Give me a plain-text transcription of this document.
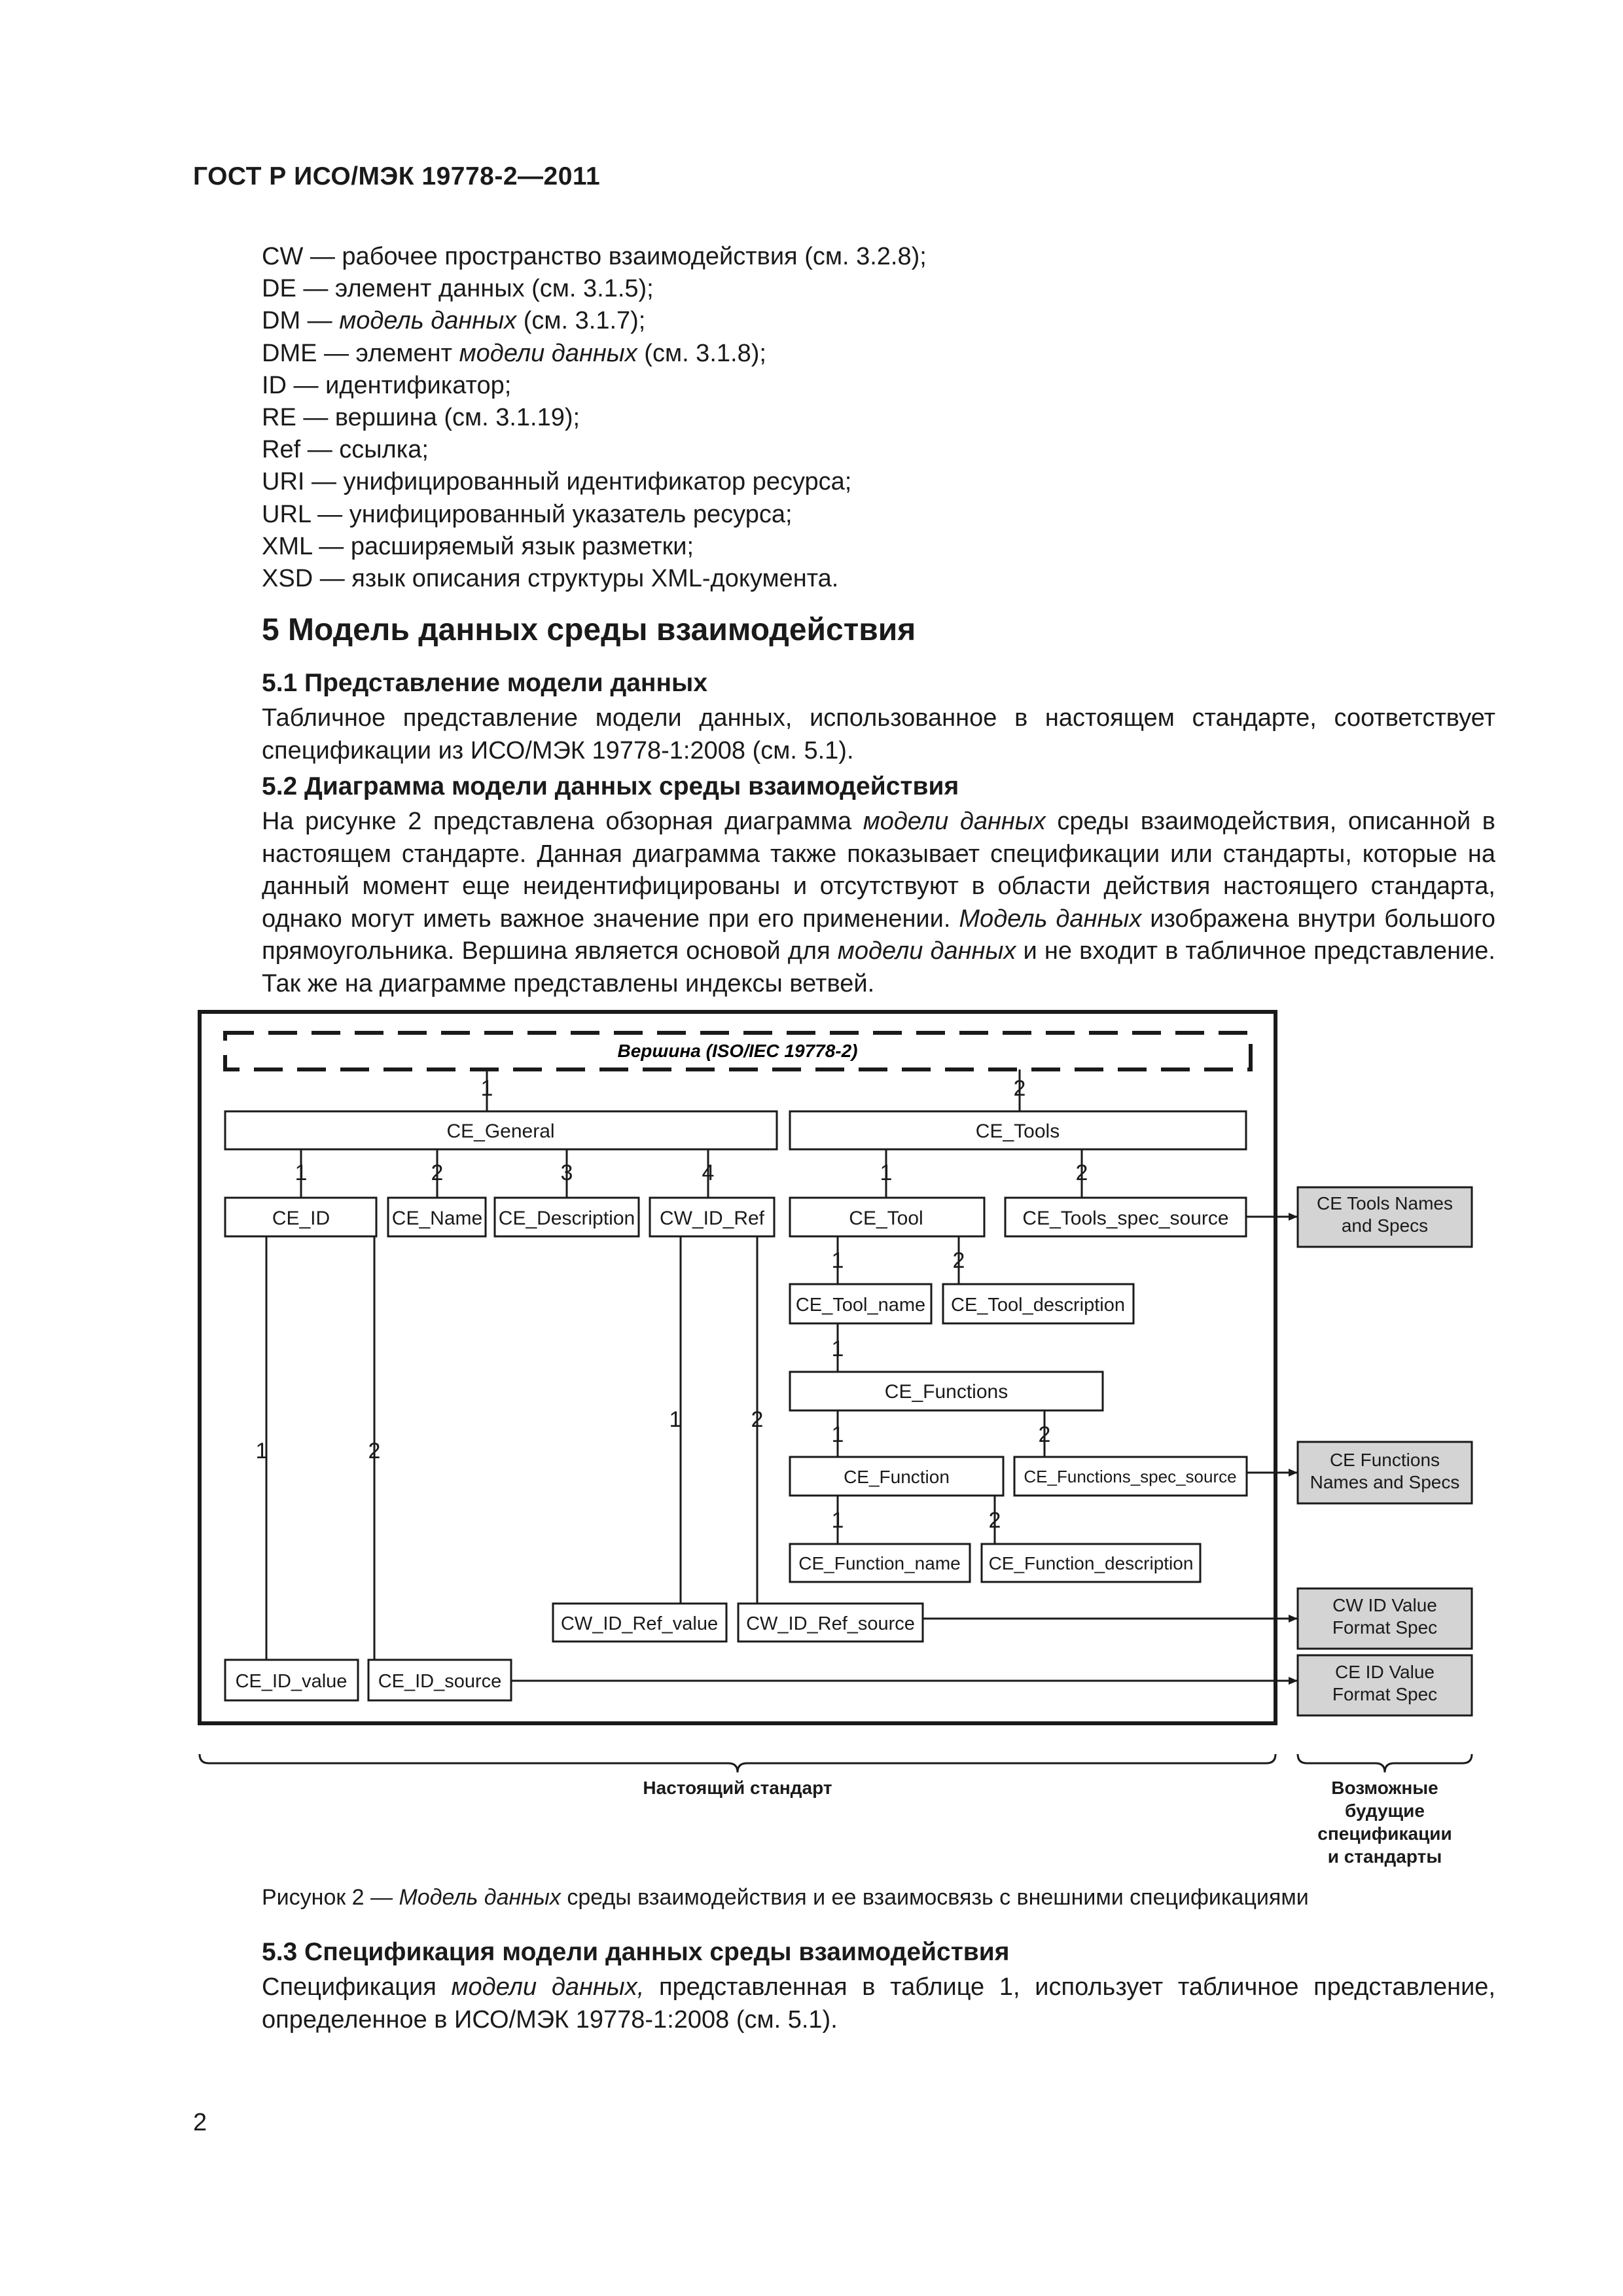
ГОСТ Р ИСО/МЭК 19778-2—2011
CW — рабочее пространство взаимодействия (см. 3.2.8);
DE — элемент данных (см. 3.1.5);
DM — модель данных (см. 3.1.7);
DME — элемент модели данных (см. 3.1.8);
ID — идентификатор;
RE — вершина (см. 3.1.19);
Ref — ссылка;
URI — унифицированный идентификатор ресурса;
URL — унифицированный указатель ресурса;
XML — расширяемый язык разметки;
XSD — язык описания структуры XML-документа.
5 Модель данных среды взаимодействия
5.1 Представление модели данных
Табличное представление модели данных, использованное в настоящем стандарте, соответствует спецификации из ИСО/МЭК 19778-1:2008 (см. 5.1).
5.2 Диаграмма модели данных среды взаимодействия
На рисунке 2 представлена обзорная диаграмма модели данных среды взаимодействия, описанной в настоящем стандарте. Данная диаграмма также показывает спецификации или стандарты, которые на данный момент еще неидентифицированы и отсутствуют в области действия настоящего стандарта, однако могут иметь важное значение при его применении. Модель данных изображена внутри большого прямоугольника. Вершина является основой для модели данных и не входит в табличное представление. Так же на диаграмме представлены индексы ветвей.
Вершина (ISO/IEC 19778-2)
CE_General	CE_Tools
CE_ID	CE_Name CE_Description CW_ID_Ref	CE_Tool	CE_Tools_spec_source
CE_Tool_name CE_Tool_description
CE_Functions
CE_Function	CE_Functions_spec_source
CE_Function_name CE_Function_description
CW_ID_Ref_value CW_ID_Ref_source
CE_ID_value CE_ID_source
CE Tools Names
and Specs
CE Functions
Names and Specs
CW ID Value
Format Spec
CE ID Value
Format Spec
1	2
1	2	3	4	1	2
1	2
1
1	2
1	2
1	2
1	2
Настоящий стандарт	Возможные
будущие
спецификации
и стандарты
Рисунок 2 — Модель данных среды взаимодействия и ее взаимосвязь с внешними спецификациями
5.3 Спецификация модели данных среды взаимодействия
Спецификация модели данных, представленная в таблице 1, использует табличное представление, определенное в ИСО/МЭК 19778-1:2008 (см. 5.1).
2
